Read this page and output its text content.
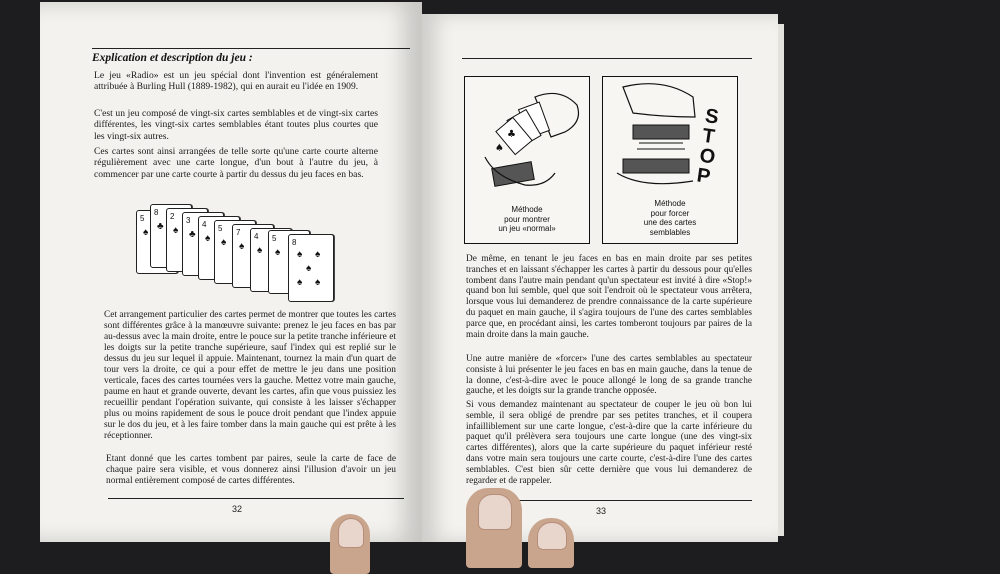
Explication et description du jeu :

Le jeu «Radio» est un jeu spécial dont l'invention est généralement attribuée à Burling Hull (1889-1982), qui en aurait eu l'idée en 1909.

C'est un jeu composé de vingt-six cartes semblables et de vingt-six cartes différentes, les vingt-six cartes semblables étant toutes plus courtes que les vingt-six autres.

Ces cartes sont ainsi arrangées de telle sorte qu'une carte courte alterne régulièrement avec une carte longue, d'un bout à l'autre du jeu, à commencer par une carte courte à partir du dessus du jeu faces en bas.

5
♠
8
♣
2
♠
3
♣
4
♠
5
♠
7
♠
4
♠
5
♠
8
♠ ♠
♠
♠ ♠

Cet arrangement particulier des cartes permet de montrer que toutes les cartes sont différentes grâce à la manœuvre suivante: prenez le jeu faces en bas par au-dessus avec la main droite, entre le pouce sur la petite tranche inférieure et les doigts sur la petite tranche supérieure, sauf l'index qui est replié sur le dessus du jeu sur lequel il appuie. Maintenant, tournez la main d'un quart de tour vers la droite, ce qui a pour effet de mettre le jeu dans une position verticale, faces des cartes tournées vers la gauche. Mettez votre main gauche, paume en haut et grande ouverte, devant les cartes, afin que vous puissiez les recueillir pendant l'opération suivante, qui consiste à les laisser s'échapper plus ou moins rapidement de sous le pouce droit pendant que l'index appuie sur le dos du jeu, et à les faire tomber dans la main gauche qui est prête à les réceptionner.

Etant donné que les cartes tombent par paires, seule la carte de face de chaque paire sera visible, et vous donnerez ainsi l'illusion d'avoir un jeu normal entièrement composé de cartes différentes.

32
♣
♠
Méthode
pour montrer
un jeu «normal»
STOP
Méthode
pour forcer
une des cartes
semblables

De même, en tenant le jeu faces en bas en main droite par ses petites tranches et en laissant s'échapper les cartes à partir du dessous pour qu'elles tombent dans l'autre main pendant qu'un spectateur est invité à dire «Stop!» quand bon lui semble, quel que soit l'endroit où le spectateur vous arrêtera, lorsque vous lui demanderez de prendre connaissance de la carte supérieure du paquet en main gauche, il s'agira toujours de l'une des cartes semblables parce que, en procédant ainsi, les cartes tomberont toujours par paires de la main droite dans la main gauche.

Une autre manière de «forcer» l'une des cartes semblables au spectateur consiste à lui présenter le jeu faces en bas en main gauche, dans la tenue de la donne, c'est-à-dire avec le pouce allongé le long de sa grande tranche gauche, et les doigts sur la grande tranche opposée.

Si vous demandez maintenant au spectateur de couper le jeu où bon lui semble, il sera obligé de prendre par ses petites tranches, et il coupera infailliblement sur une carte longue, c'est-à-dire que la carte inférieure du paquet qu'il prélèvera sera toujours une carte longue (une des vingt-six cartes différentes), alors que la carte supérieure du paquet inférieur resté dans votre main sera toujours une carte courte, c'est-à-dire l'une des cartes semblables. C'est bien sûr cette dernière que vous lui demanderez de regarder et de rappeler.

33
